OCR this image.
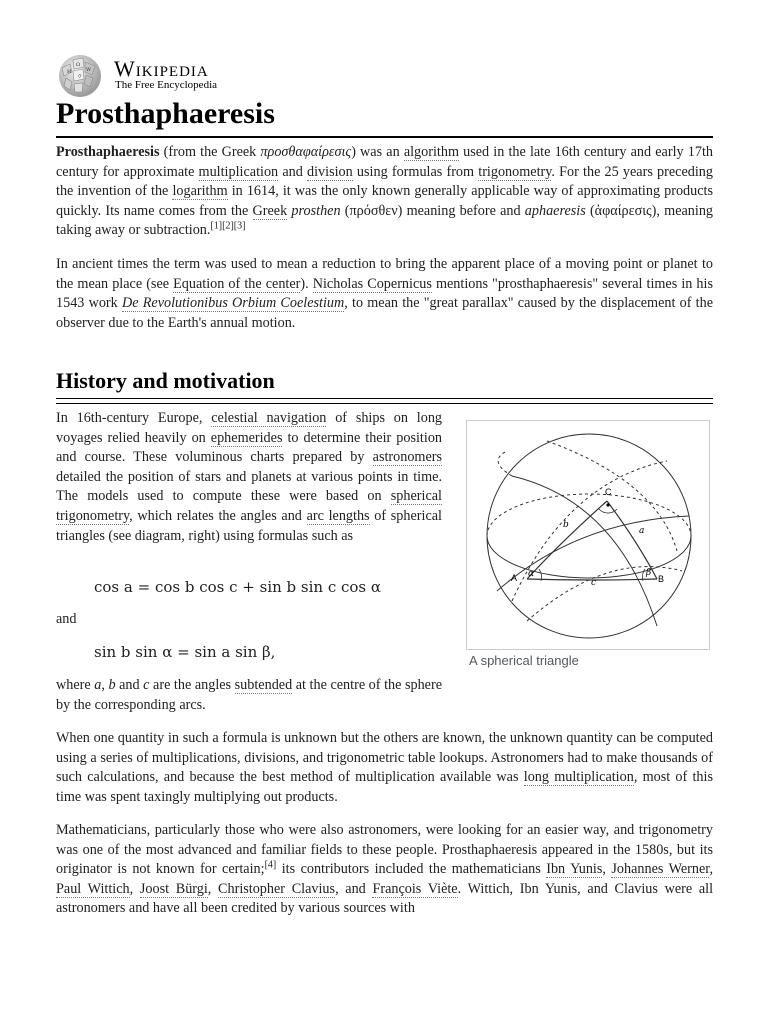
Ω
W
И
ウ Wikipedia
The Free Encyclopedia
Prosthaphaeresis

Prosthaphaeresis (from the Greek προσθαφαίρεσις) was an algorithm used in the late 16th century and early 17th century for approximate multiplication and division using formulas from trigonometry. For the 25 years preceding the invention of the logarithm in 1614, it was the only known generally applicable way of approximating products quickly. Its name comes from the Greek prosthen (πρόσθεν) meaning before and aphaeresis (ἀφαίρεσις), meaning taking away or subtraction.[1][2][3]

In ancient times the term was used to mean a reduction to bring the apparent place of a moving point or planet to the mean place (see Equation of the center). Nicholas Copernicus mentions "prosthaphaeresis" several times in his 1543 work De Revolutionibus Orbium Coelestium, to mean the "great parallax" caused by the displacement of the observer due to the Earth's annual motion.

History and motivation

In 16th-century Europe, celestial navigation of ships on long voyages relied heavily on ephemerides to determine their position and course. These voluminous charts prepared by astronomers detailed the position of stars and planets at various points in time. The models used to compute these were based on spherical trigonometry, which relates the angles and arc lengths of spherical triangles (see diagram, right) using formulas such as

cos a = cos b cos c + sin b sin c cos α

and

sin b sin α = sin a sin β,

where a, b and c are the angles subtended at the centre of the sphere by the corresponding arcs.

When one quantity in such a formula is unknown but the others are known, the unknown quantity can be computed using a series of multiplications, divisions, and trigonometric table lookups. Astronomers had to make thousands of such calculations, and because the best method of multiplication available was long multiplication, most of this time was spent taxingly multiplying out products.

Mathematicians, particularly those who were also astronomers, were looking for an easier way, and trigonometry was one of the most advanced and familiar fields to these people. Prosthaphaeresis appeared in the 1580s, but its originator is not known for certain;[4] its contributors included the mathematicians Ibn Yunis, Johannes Werner, Paul Wittich, Joost Bürgi, Christopher Clavius, and François Viète. Wittich, Ibn Yunis, and Clavius were all astronomers and have all been credited by various sources with

A	B
C
b
a
c
α	β
A spherical triangle
